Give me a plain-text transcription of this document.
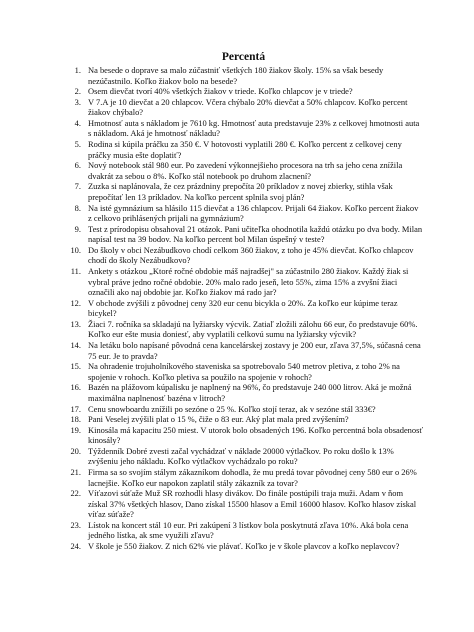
Percentá
1. Na besede o doprave sa malo zúčastniť všetkých 180 žiakov školy. 15% sa však besedy nezúčastnilo. Koľko žiakov bolo na besede?
2. Osem dievčat tvorí 40% všetkých žiakov v triede. Koľko chlapcov je v triede?
3. V 7.A je 10 dievčat a 20 chlapcov. Včera chýbalo 20% dievčat a 50% chlapcov. Koľko percent žiakov chýbalo?
4. Hmotnosť auta s nákladom je 7610 kg. Hmotnosť auta predstavuje 23% z celkovej hmotnosti auta s nákladom. Aká je hmotnosť nákladu?
5. Rodina si kúpila práčku za 350 €. V hotovosti vyplatili 280 €. Koľko percent z celkovej ceny práčky musia ešte doplatiť?
6. Nový notebook stál 980 eur. Po zavedení výkonnejšieho procesora na trh sa jeho cena znížila dvakrát za sebou o 8%. Koľko stál notebook po druhom zlacnení?
7. Zuzka si naplánovala, že cez prázdniny prepočíta 20 príkladov z novej zbierky, stihla však prepočítať len 13 príkladov. Na koľko percent splnila svoj plán?
8. Na isté gymnázium sa hlásilo 115 dievčat a 136 chlapcov. Prijali 64 žiakov. Koľko percent žiakov z celkovo prihlásených prijali na gymnázium?
9. Test z prírodopisu obsahoval 21 otázok. Pani učiteľka ohodnotila každú otázku po dva body. Milan napísal test na 39 bodov. Na koľko percent bol Milan úspešný v teste?
10. Do školy v obci Nezábudkovo chodí celkom 360 žiakov, z toho je 45% dievčat. Koľko chlapcov chodí do školy Nezábudkovo?
11. Ankety s otázkou „Ktoré ročné obdobie máš najradšej" sa zúčastnilo 280 žiakov. Každý žiak si vybral práve jedno ročné obdobie. 20% malo rado jeseň, leto 55%, zima 15% a zvyšní žiaci označili ako naj obdobie jar. Koľko žiakov má rado jar?
12. V obchode zvýšili z pôvodnej ceny 320 eur cenu bicykla o 20%. Za koľko eur kúpime teraz bicykel?
13. Žiaci 7. ročníka sa skladajú na lyžiarsky výcvik. Zatiaľ zložili zálohu 66 eur, čo predstavuje 60%. Koľko eur ešte musia doniesť, aby vyplatili celkovú sumu na lyžiarsky výcvik?
14. Na letáku bolo napísané pôvodná cena kancelárskej zostavy je 200 eur, zľava 37,5%, súčasná cena 75 eur. Je to pravda?
15. Na ohradenie trojuholníkového staveniska sa spotrebovalo 540 metrov pletiva, z toho 2% na spojenie v rohoch. Koľko pletiva sa použilo na spojenie v rohoch?
16. Bazén na plážovom kúpalisku je naplnený na 96%, čo predstavuje 240 000 litrov. Aká je možná maximálna naplnenosť bazéna v litroch?
17. Cenu snowboardu znížili po sezóne o 25 %. Koľko stojí teraz, ak v sezóne stál 333€?
18. Pani Veselej zvýšili plat o 15 %, čiže o 83 eur. Aký plat mala pred zvýšením?
19. Kinosála má kapacitu 250 miest. V utorok bolo obsadených 196. Koľko percentná bola obsadenosť kinosály?
20. Týždenník Dobré zvesti začal vychádzať v náklade 20000 výtlačkov. Po roku došlo k 13% zvýšeniu jeho nákladu. Koľko výtlačkov vychádzalo po roku?
21. Firma sa so svojím stálym zákazníkom dohodla, že mu predá tovar pôvodnej ceny 580 eur o 26% lacnejšie. Koľko eur napokon zaplatil stály zákazník za tovar?
22. Víťazovi súťaže Muž SR rozhodli hlasy divákov. Do finále postúpili traja muži. Adam v ňom získal 37% všetkých hlasov, Dano získal 15500 hlasov a Emil 16000 hlasov. Koľko hlasov získal víťaz súťaže?
23. Lístok na koncert stál 10 eur. Pri zakúpení 3 lístkov bola poskytnutá zľava 10%. Aká bola cena jedného lístka, ak sme využili zľavu?
24. V škole je 550 žiakov. Z nich 62% vie plávať. Koľko je v škole plavcov a koľko neplavcov?
